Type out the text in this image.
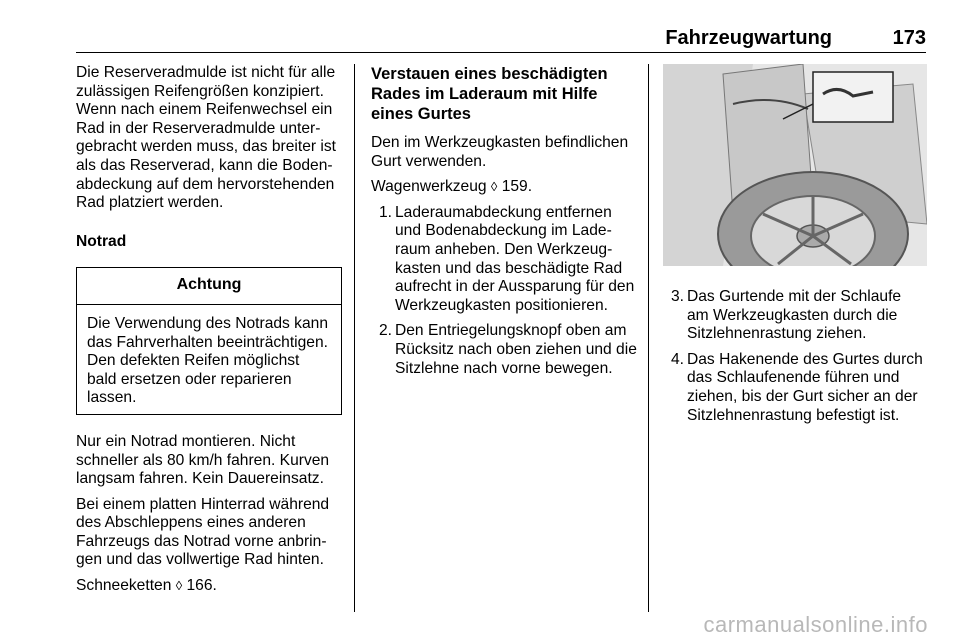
Fahrzeugwartung	173

Die Reserveradmulde ist nicht für alle zulässigen Reifengrößen konzipiert. Wenn nach einem Reifenwechsel ein Rad in der Reserveradmulde untergebracht werden muss, das breiter ist als das Reserverad, kann die Bodenabdeckung auf dem hervorstehenden Rad platziert werden.

Notrad
Achtung
Die Verwendung des Notrads kann das Fahrverhalten beeinträchtigen. Den defekten Reifen möglichst bald ersetzen oder reparieren lassen.

Nur ein Notrad montieren. Nicht schneller als 80 km/h fahren. Kurven langsam fahren. Kein Dauereinsatz.

Bei einem platten Hinterrad während des Abschleppens eines anderen Fahrzeugs das Notrad vorne anbringen und das vollwertige Rad hinten.

Schneeketten ◊ 166.

Verstauen eines beschädigten Rades im Laderaum mit Hilfe eines Gurtes

Den im Werkzeugkasten befindlichen Gurt verwenden.

Wagenwerkzeug ◊ 159.

1. Laderaumabdeckung entfernen und Bodenabdeckung im Laderaum anheben. Den Werkzeugkasten und das beschädigte Rad aufrecht in der Aussparung für den Werkzeugkasten positionieren.
2. Den Entriegelungsknopf oben am Rücksitz nach oben ziehen und die Sitzlehne nach vorne bewegen.
3. Das Gurtende mit der Schlaufe am Werkzeugkasten durch die Sitzlehnenrastung ziehen.
4. Das Hakenende des Gurtes durch das Schlaufenende führen und ziehen, bis der Gurt sicher an der Sitzlehnenrastung befestigt ist.
carmanualsonline.info
